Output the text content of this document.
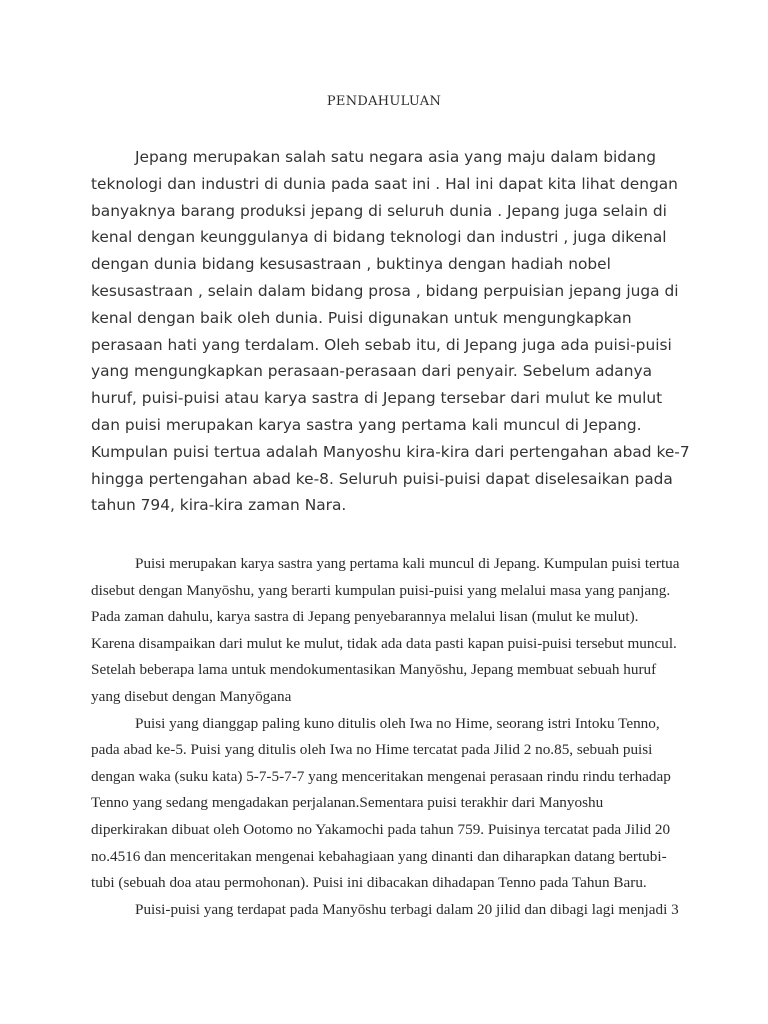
PENDAHULUAN
Jepang merupakan salah satu negara asia yang maju dalam bidang
teknologi dan industri di dunia pada saat ini . Hal ini dapat kita lihat dengan
banyaknya barang produksi jepang di seluruh dunia . Jepang juga selain di
kenal dengan keunggulanya di bidang teknologi dan industri , juga dikenal
dengan dunia bidang kesusastraan , buktinya dengan hadiah nobel
kesusastraan , selain dalam bidang prosa , bidang perpuisian jepang juga di
kenal dengan baik oleh dunia. Puisi digunakan untuk mengungkapkan
perasaan hati yang terdalam. Oleh sebab itu, di Jepang juga ada puisi-puisi
yang mengungkapkan perasaan-perasaan dari penyair. Sebelum adanya
huruf, puisi-puisi atau karya sastra di Jepang tersebar dari mulut ke mulut
dan puisi merupakan karya sastra yang pertama kali muncul di Jepang.
Kumpulan puisi tertua adalah Manyoshu kira-kira dari pertengahan abad ke-7
hingga pertengahan abad ke-8. Seluruh puisi-puisi dapat diselesaikan pada
tahun 794, kira-kira zaman Nara.
Puisi merupakan karya sastra yang pertama kali muncul di Jepang. Kumpulan puisi tertua
disebut dengan Manyōshu, yang berarti kumpulan puisi-puisi yang melalui masa yang panjang.
Pada zaman dahulu, karya sastra di Jepang penyebarannya melalui lisan (mulut ke mulut).
Karena disampaikan dari mulut ke mulut, tidak ada data pasti kapan puisi-puisi tersebut muncul.
Setelah beberapa lama untuk mendokumentasikan Manyōshu, Jepang membuat sebuah huruf
yang disebut dengan Manyōgana
Puisi yang dianggap paling kuno ditulis oleh Iwa no Hime, seorang istri Intoku Tenno,
pada abad ke-5. Puisi yang ditulis oleh Iwa no Hime tercatat pada Jilid 2 no.85, sebuah puisi
dengan waka (suku kata) 5-7-5-7-7 yang menceritakan mengenai perasaan rindu rindu terhadap
Tenno yang sedang mengadakan perjalanan.Sementara puisi terakhir dari Manyoshu
diperkirakan dibuat oleh Ootomo no Yakamochi pada tahun 759. Puisinya tercatat pada Jilid 20
no.4516 dan menceritakan mengenai kebahagiaan yang dinanti dan diharapkan datang bertubi-
tubi (sebuah doa atau permohonan). Puisi ini dibacakan dihadapan Tenno pada Tahun Baru.
Puisi-puisi yang terdapat pada Manyōshu terbagi dalam 20 jilid dan dibagi lagi menjadi 3
